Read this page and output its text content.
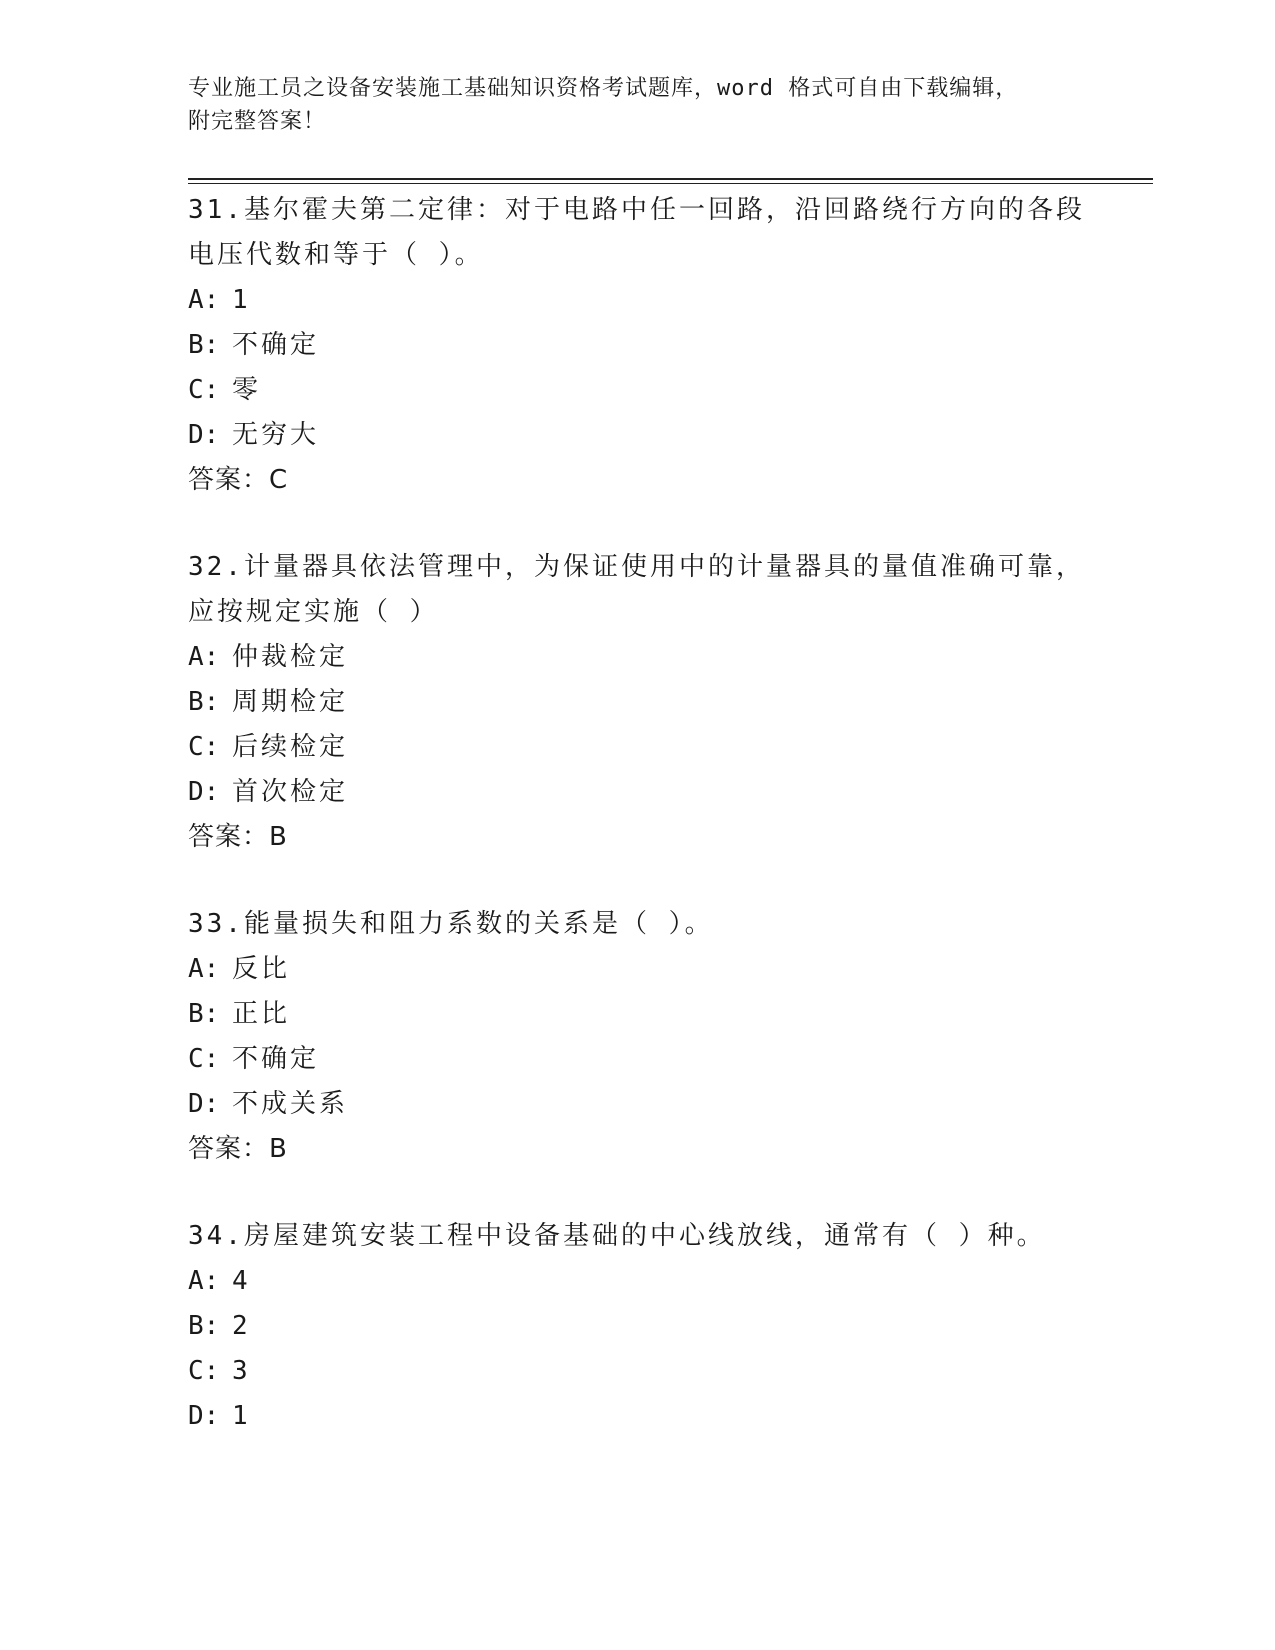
专业施工员之设备安装施工基础知识资格考试题库，word 格式可自由下载编辑，
附完整答案！

31.基尔霍夫第二定律：对于电路中任一回路，沿回路绕行方向的各段电压代数和等于（ ）。

A: 1

B: 不确定

C: 零

D: 无穷大

答案：C

32.计量器具依法管理中，为保证使用中的计量器具的量值准确可靠，应按规定实施（ ）

A: 仲裁检定

B: 周期检定

C: 后续检定

D: 首次检定

答案：B

33.能量损失和阻力系数的关系是（ ）。

A: 反比

B: 正比

C: 不确定

D: 不成关系

答案：B

34.房屋建筑安装工程中设备基础的中心线放线，通常有（ ）种。

A: 4

B: 2

C: 3

D: 1
